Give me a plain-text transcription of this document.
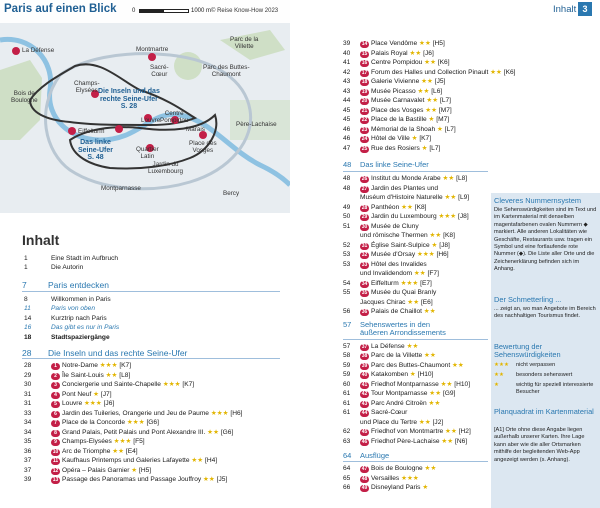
Paris auf einen Blick	0	1000 m © Reise Know-How 2023
La Défense	Montmartre
Sacré-
Cœur
Parc de la
Villette
Parc des Buttes-
Chaumont
Bois de
Boulogne
Champs-
Elysées Die Inseln und das
rechte Seine-Ufer
S. 28
Louvre
Centre
Pompidou
Marais
Père-Lachaise
Eiffelturm
Das linke
Seine-Ufer
S. 48
Quartier
Latin
Place des
Vosges
Jardin du
Luxembourg
Montparnasse
Bercy
Inhalt 3
Inhalt
1	Eine Stadt im Aufbruch
1	Die Autorin
7	Paris entdecken
8	Willkommen in Paris
11	Paris von oben
14	Kurztrip nach Paris
16	Das gibt es nur in Paris
18	Stadtspaziergänge
28 Die Inseln und das rechte Seine-Ufer
28	1 Notre-Dame ★★★ [K7]
29	2 Île Saint-Louis ★★ [L8]
30	3 Conciergerie und Sainte-Chapelle ★★★ [K7]
31	4 Pont Neuf ★ [J7]
31	5 Louvre ★★★ [J6]
33	6 Jardin des Tuileries, Orangerie und Jeu de Paume ★★★ [H6]
34	7 Place de la Concorde ★★★ [G6]
34	8 Grand Palais, Petit Palais und Pont Alexandre III. ★★ [G6]
35	9 Champs-Elysées ★★★ [F5]
36	10 Arc de Triomphe ★★ [E4]
37	11 Kaufhaus Printemps und Galeries Lafayette ★★ [H4]
37	12 Opéra – Palais Garnier ★ [H5]
39	13 Passage des Panoramas und Passage Jouffroy ★★ [J5]
39	14 Place Vendôme ★★ [H5]
40	15 Palais Royal ★★ [J6]
41	16 Centre Pompidou ★★ [K6]
42	17 Forum des Halles und Collection Pinault ★★ [K6]
43	18 Galerie Vivienne ★★ [J5]
43	19 Musée Picasso ★★ [L6]
44	20 Musée Carnavalet ★★ [L7]
45	21 Place des Vosges ★★ [M7]
45	22 Place de la Bastille ★ [M7]
46	23 Mémorial de la Shoah ★ [L7]
46	24 Hôtel de Ville ★ [K7]
47	25 Rue des Rosiers ★ [L7]
48 Das linke Seine-Ufer
48	26 Institut du Monde Arabe ★★ [L8]
48	27 Jardin des Plantes und
Muséum d'Histoire Naturelle ★★ [L9]
49	28 Panthéon ★★ [K8]
50	29 Jardin du Luxembourg ★★★ [J8]
51	30 Musée de Cluny
und römische Thermen ★★ [K8]
52	31 Église Saint-Sulpice ★ [J8]
53	32 Musée d'Orsay ★★★ [H6]
53	33 Hôtel des Invalides
und Invalidendom ★★ [F7]
54	34 Eiffelturm ★★★ [E7]
55	35 Musée du Quai Branly
Jacques Chirac ★★ [E6]
56	36 Palais de Chaillot ★★
57 Sehenswertes in den
äußeren Arrondissements
57	37 La Défense ★★
58	38 Parc de la Villette ★★
59	39 Parc des Buttes-Chaumont ★★
59	40 Katakomben ★ [H10]
60	41 Friedhof Montparnasse ★★ [H10]
61	42 Tour Montparnasse ★★ [G9]
61	43 Parc André Citroën ★★
61	44 Sacré-Cœur
und Place du Tertre ★★ [J2]
62	45 Friedhof von Montmartre ★★ [H2]
63	46 Friedhof Père-Lachaise ★★ [N6]
64 Ausflüge
64	47 Bois de Boulogne ★★
65	48 Versailles ★★★
66	49 Disneyland Paris ★
Cleveres Nummernsystem
Die Sehenswürdigkeiten sind im Text und im Kartenmaterial mit denselben magentafarbenen ovalen Nummern ◆ markiert. Alle anderen Lokalitäten wie Geschäfte, Restaurants usw. tragen ein Symbol und eine fortlaufende rote Nummer (◆). Die Liste aller Orte und die Zeichenerklärung befinden sich im Anhang.
Der Schmetterling ...
... zeigt an, wo man Angebote im Bereich des nachhaltigen Tourismus findet.
Bewertung der Sehenswürdigkeiten
★★★ nicht verpassen
★★ besonders sehenswert
★	wichtig für speziell interessierte Besucher
Planquadrat im Kartenmaterial
[A1] Orte ohne diese Angabe liegen außerhalb unserer Karten. Ihre Lage kann aber wie die aller Ortsmarken mithilfe der begleitenden Web-App angezeigt werden (s. Anhang).
